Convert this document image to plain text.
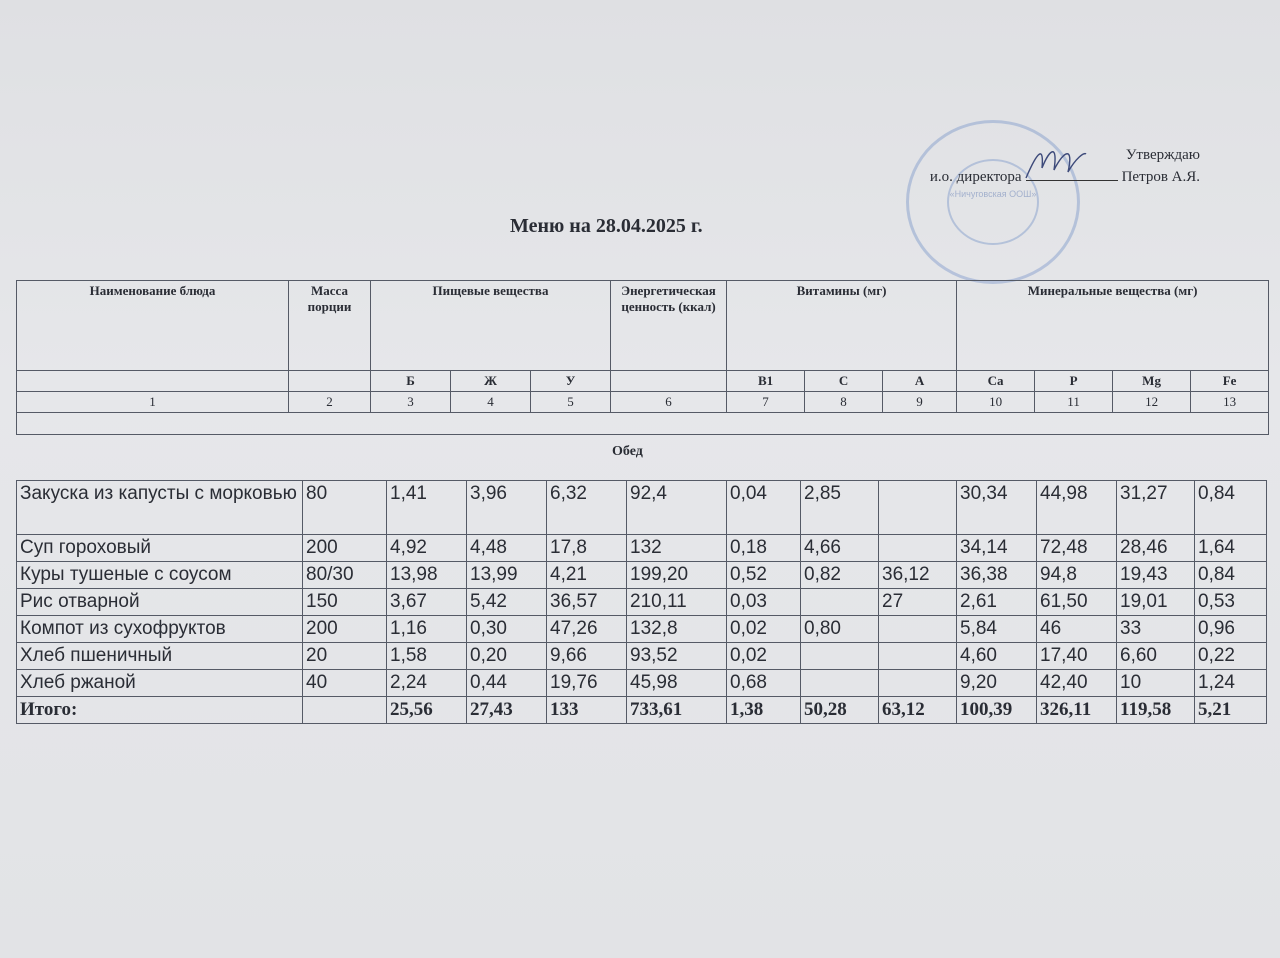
«Ничуговская ООШ»
Утверждаю
и.о. директора	Петров А.Я.
Меню на 28.04.2025 г.
Наименование блюда	Масса порции	Пищевые вещества			Энергетическая ценность (ккал)	Витамины (мг)			Минеральные вещества (мг)			
		Б	Ж	У		В1	С	А	Ca	P	Mg	Fe
1	2	3	4	5	6	7	8	9	10	11	12	13

Обед
Закуска из капусты с морковью	80	1,41	3,96	6,32	92,4	0,04	2,85		30,34	44,98	31,27	0,84
Суп гороховый	200	4,92	4,48	17,8	132	0,18	4,66		34,14	72,48	28,46	1,64
Куры тушеные с соусом	80/30	13,98	13,99	4,21	199,20	0,52	0,82	36,12	36,38	94,8	19,43	0,84
Рис отварной	150	3,67	5,42	36,57	210,11	0,03		27	2,61	61,50	19,01	0,53
Компот из сухофруктов	200	1,16	0,30	47,26	132,8	0,02	0,80		5,84	46	33	0,96
Хлеб пшеничный	20	1,58	0,20	9,66	93,52	0,02			4,60	17,40	6,60	0,22
Хлеб ржаной	40	2,24	0,44	19,76	45,98	0,68			9,20	42,40	10	1,24
Итого:		25,56	27,43	133	733,61	1,38	50,28	63,12	100,39	326,11	119,58	5,21
